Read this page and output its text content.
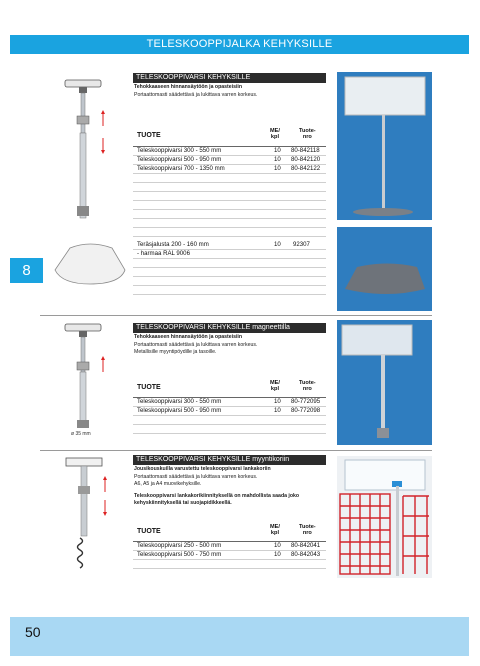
TELESKOOPPIJALKA KEHYKSILLE
8
TELESKOOPPIVARSI KEHYKSILLE
Tehokkaaseen hinnansäytöön ja opasteisiin
Portaattomasti säädettävä ja lukittava varren korkeus.
TUOTE
ME/
kpl
Tuote-
nro
Teleskooppivarsi 300 - 550 mm	10 80-842118
Teleskooppivarsi 500 - 950 mm	10 80-842120
Teleskooppivarsi 700 - 1350 mm	10 80-842122
Teräsjalusta 200 - 160 mm	10 92307
- harmaa RAL 9006
ø 35 mm
TELESKOOPPIVARSI KEHYKSILLE magneettilla
Tehokkaaseen hinnansäytöön ja opasteisiin
Portaattomasti säädettävä ja lukittava varren korkeus.
Metallisille myyntipöydille ja tasoille.
TUOTE
ME/
kpl
Tuote-
nro
Teleskooppivarsi 300 - 550 mm	10 80-772095
Teleskooppivarsi 500 - 950 mm	10 80-772098
TELESKOOPPIVARSI KEHYKSILLE myyntikoriin
Jousikouskuilla varustettu teleskooppivarsi lankakoriin
Portaattomasti säädettävä ja lukittava varren korkeus.
A6, A5 ja A4 muovikehyksille.
Teleskooppivarsi lankakorikiinnityksellä on mahdollista saada joko kehyskiinnityksellä tai suojapidikkeellä.
TUOTE
ME/
kpl
Tuote-
nro
Teleskooppivarsi 250 - 500 mm	10 80-842041
Teleskooppivarsi 500 - 750 mm	10 80-842043
50
